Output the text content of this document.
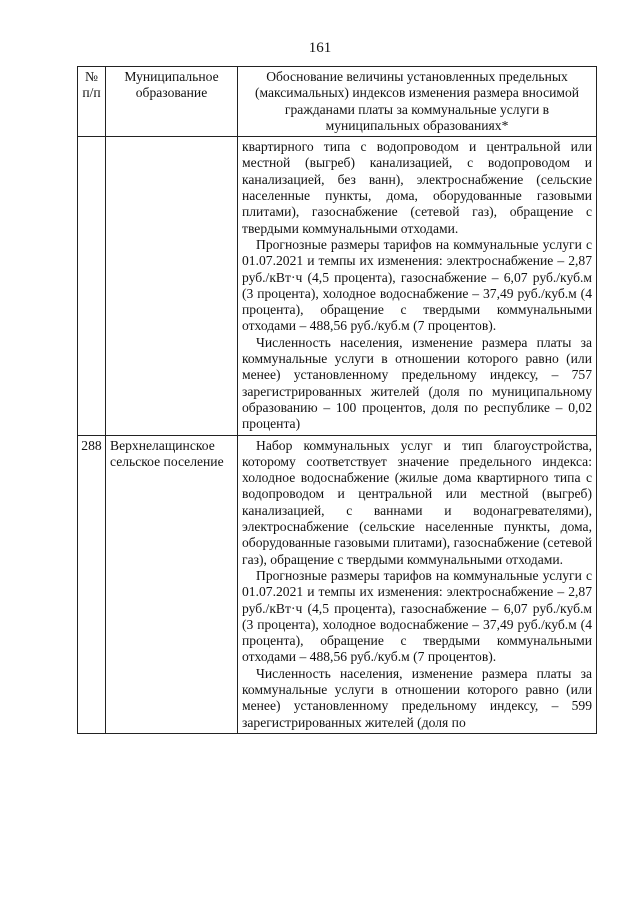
161
№ п/п	Муниципальное образование	Обоснование величины установленных предельных (максимальных) индексов изменения размера вносимой гражданами платы за коммунальные услуги в муниципальных образованиях*

		квартирного типа с водопроводом и центральной или местной (выгреб) канализацией, с водопроводом и канализацией, без ванн), электроснабжение (сельские населенные пункты, дома, оборудованные газовыми плитами), газоснабжение (сетевой газ), обращение с твердыми коммунальными отходами.

Прогнозные размеры тарифов на коммунальные услуги с 01.07.2021 и темпы их изменения: электроснабжение – 2,87 руб./кВт·ч (4,5 процента), газоснабжение – 6,07 руб./куб.м (3 процента), холодное водоснабжение – 37,49 руб./куб.м (4 процента), обращение с твердыми коммунальными отходами – 488,56 руб./куб.м (7 процентов).

Численность населения, изменение размера платы за коммунальные услуги в отношении которого равно (или менее) установленному предельному индексу, – 757 зарегистрированных жителей (доля по муниципальному образованию – 100 процентов, доля по республике – 0,02 процента)

288	Верхнелащинское сельское поселение	Набор коммунальных услуг и тип благоустройства, которому соответствует значение предельного индекса: холодное водоснабжение (жилые дома квартирного типа с водопроводом и центральной или местной (выгреб) канализацией, с ваннами и водонагревателями), электроснабжение (сельские населенные пункты, дома, оборудованные газовыми плитами), газоснабжение (сетевой газ), обращение с твердыми коммунальными отходами.

Прогнозные размеры тарифов на коммунальные услуги с 01.07.2021 и темпы их изменения: электроснабжение – 2,87 руб./кВт·ч (4,5 процента), газоснабжение – 6,07 руб./куб.м (3 процента), холодное водоснабжение – 37,49 руб./куб.м (4 процента), обращение с твердыми коммунальными отходами – 488,56 руб./куб.м (7 процентов).

Численность населения, изменение размера платы за коммунальные услуги в отношении которого равно (или менее) установленному предельному индексу, – 599 зарегистрированных жителей (доля по
